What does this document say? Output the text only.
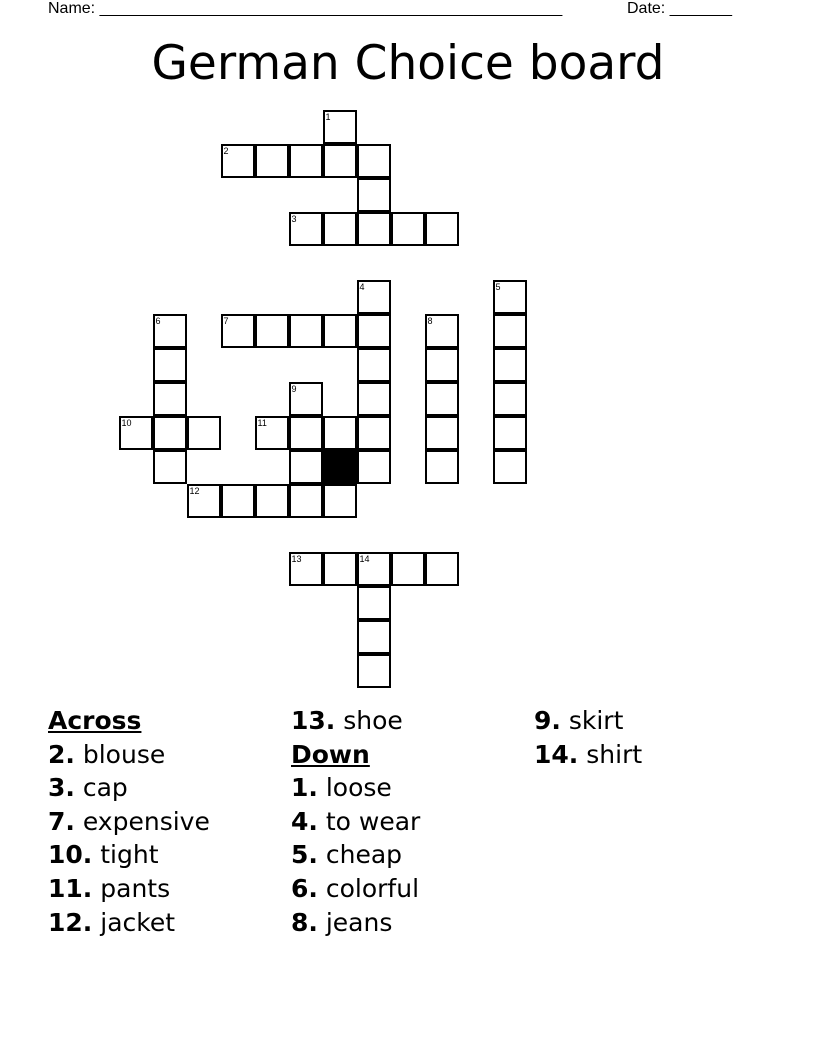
Name: ____________________________________________________	Date: _______
German Choice board
1
2
3
4	5
6	7	8
9
10	11
12
13	14
Across
2. blouse
3. cap
7. expensive
10. tight
11. pants
12. jacket
13. shoe
Down
1. loose
4. to wear
5. cheap
6. colorful
8. jeans
9. skirt
14. shirt
